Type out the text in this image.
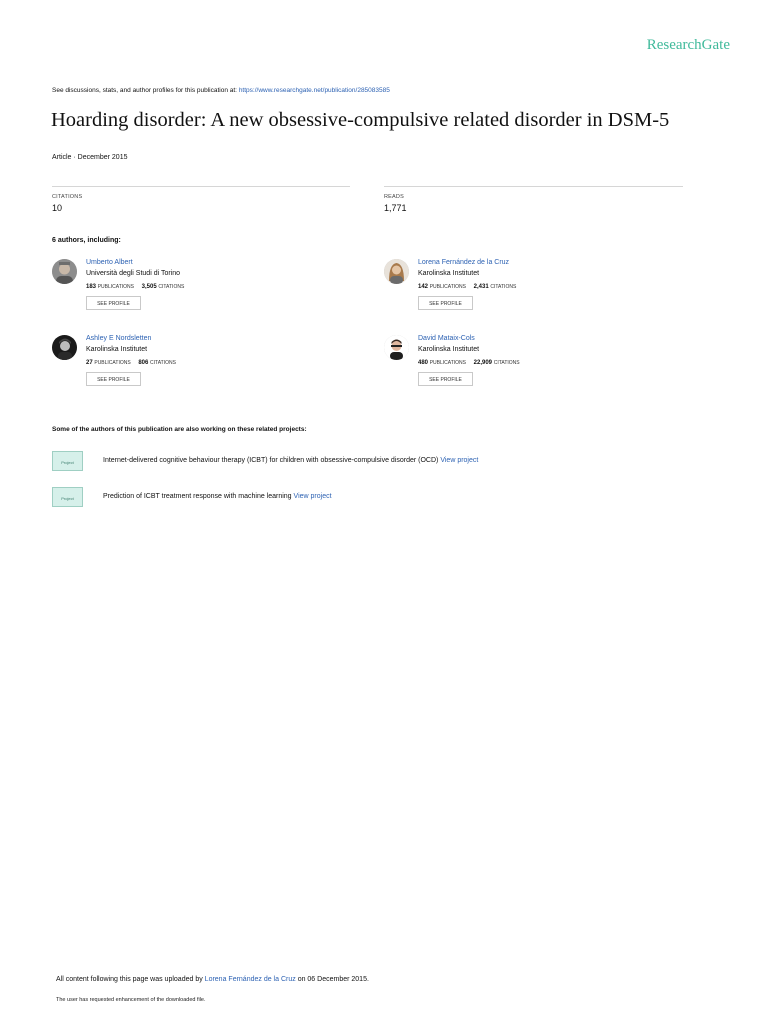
ResearchGate
See discussions, stats, and author profiles for this publication at: https://www.researchgate.net/publication/285083585
Hoarding disorder: A new obsessive-compulsive related disorder in DSM-5
Article · December 2015
CITATIONS
10
READS
1,771
6 authors, including:
Umberto Albert
Università degli Studi di Torino
183 PUBLICATIONS 3,505 CITATIONS
SEE PROFILE
Lorena Fernández de la Cruz
Karolinska Institutet
142 PUBLICATIONS 2,431 CITATIONS
SEE PROFILE
Ashley E Nordsletten
Karolinska Institutet
27 PUBLICATIONS 806 CITATIONS
SEE PROFILE
David Mataix-Cols
Karolinska Institutet
480 PUBLICATIONS 22,909 CITATIONS
SEE PROFILE
Some of the authors of this publication are also working on these related projects:
Project	Internet-delivered cognitive behaviour therapy (ICBT) for children with obsessive-compulsive disorder (OCD) View project
Project	Prediction of ICBT treatment response with machine learning View project
All content following this page was uploaded by Lorena Fernández de la Cruz on 06 December 2015.
The user has requested enhancement of the downloaded file.
